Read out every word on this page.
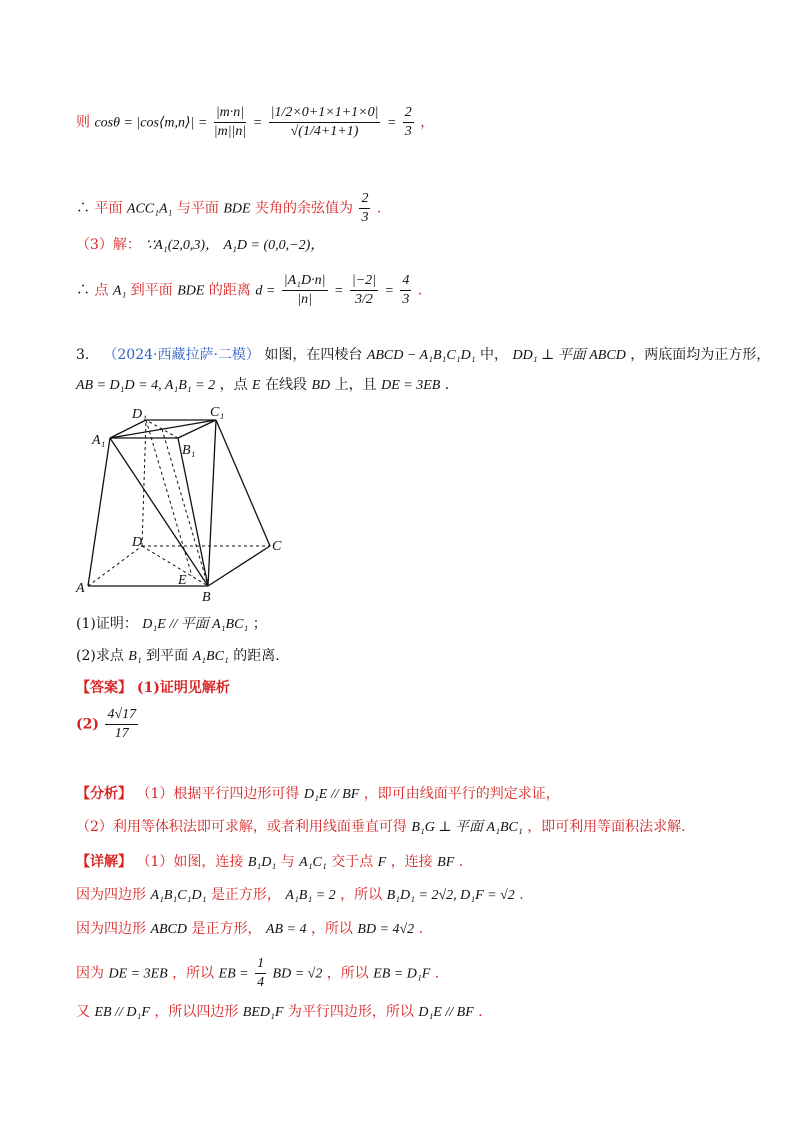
则 cosθ = |cos⟨m,n⟩| = $\frac{|m\cdot n|}{|m||n|} = \frac{|1/2\times 0+1\times 1+1\times 0|}{√(1/4+1+1)} = \frac{2}{3}$ ，
∴ 平面 ACC₁A₁ 与平面 BDE 夹角的余弦值为 $\frac{2}{3}$ .
（3）解： ∵A₁(2,0,3)， A₁D = (0,0,−2)，
∴ 点 A₁ 到平面 BDE 的距离 $d = \frac{\text{|A₁D·n|}}{|n|} = \frac{|-2|}{3/2} = \frac{4}{3}$ .
3． （2024·西藏拉萨·二模） 如图，在四棱台 ABCD − A₁B₁C₁D₁ 中， DD₁ ⊥ 平面 ABCD ，两底面均为正方形，
AB = D₁D = 4, A₁B₁ = 2 ，点 E 在线段 BD 上，且 DE = 3EB .
D₁	C₁
A₁
B₁
D	C
A
E
B
(1)证明： D₁E // 平面 A₁BC₁ ；
(2)求点 B₁ 到平面 A₁BC₁ 的距离.
【答案】 (1)证明见解析
$(2) \frac{4√17}{17}$
【分析】 （1）根据平行四边形可得 D₁E // BF ，即可由线面平行的判定求证，
（2）利用等体积法即可求解，或者利用线面垂直可得 B₁G ⊥ 平面 A₁BC₁ ，即可利用等面积法求解.
【详解】 （1）如图，连接 B₁D₁ 与 A₁C₁ 交于点 F ，连接 BF .
因为四边形 A₁B₁C₁D₁ 是正方形， A₁B₁ = 2 ，所以 B₁D₁ = 2√2, D₁F = √2 .
因为四边形 ABCD 是正方形， AB = 4 ，所以 BD = 4√2 .
因为 DE = 3EB ，所以 EB = $\frac{1}{4}$ BD = √2 ，所以 EB = D₁F .
又 EB // D₁F ，所以四边形 BED₁F 为平行四边形，所以 D₁E // BF .
